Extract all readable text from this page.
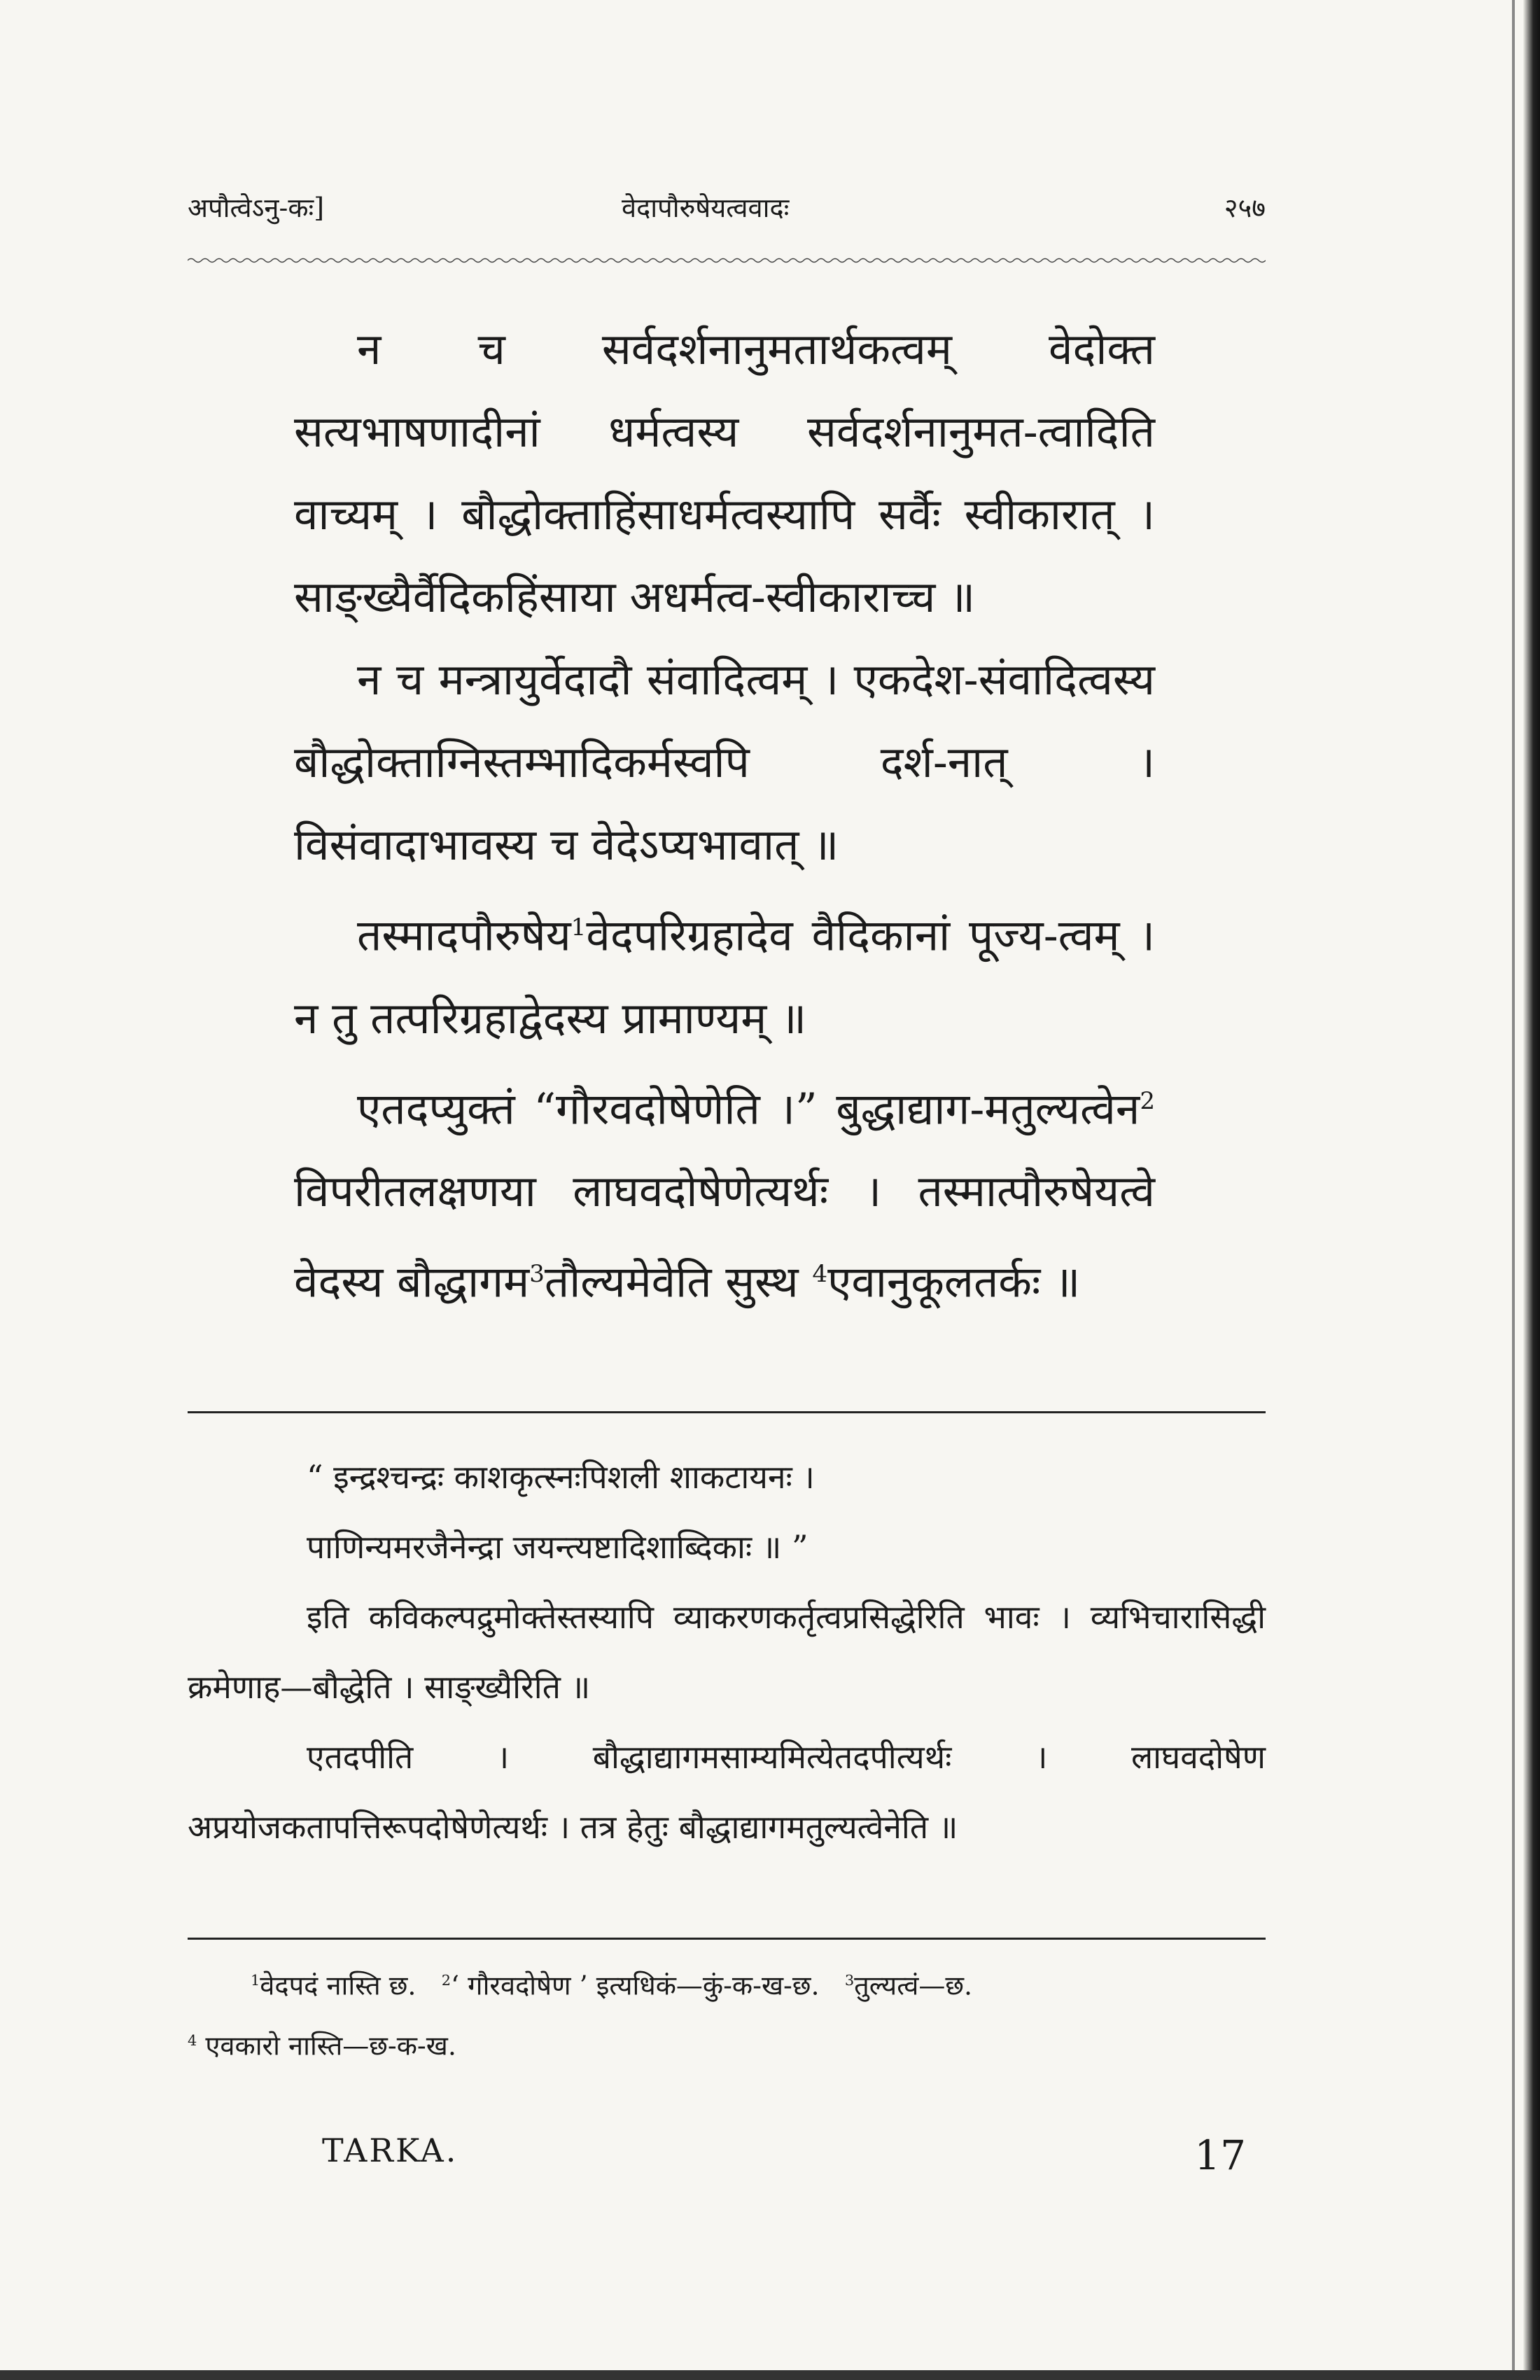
अपौत्वेऽनु-कः]	वेदापौरुषेयत्ववादः	२५७

न च सर्वदर्शनानुमतार्थकत्वम् वेदोक्त सत्यभाषणादीनां धर्मत्वस्य सर्वदर्शनानुमत-त्वादिति वाच्यम् । बौद्धोक्ताहिंसाधर्मत्वस्यापि सर्वैः स्वीकारात् । साङ्ख्यैर्वैदिकहिंसाया अधर्मत्व-स्वीकाराच्च ॥

न च मन्त्रायुर्वेदादौ संवादित्वम् । एकदेश-संवादित्वस्य बौद्धोक्ताग्निस्तम्भादिकर्मस्वपि दर्श-नात् । विसंवादाभावस्य च वेदेऽप्यभावात् ॥

तस्मादपौरुषेय$^1$वेदपरिग्रहादेव वैदिकानां पूज्य-त्वम् । न तु तत्परिग्रहाद्वेदस्य प्रामाण्यम् ॥

एतदप्युक्तं “गौरवदोषेणेति ।” बुद्धाद्याग-मतुल्यत्वेन$^2$ विपरीतलक्षणया लाघवदोषेणेत्यर्थः । तस्मात्पौरुषेयत्वे वेदस्य बौद्धागम$^3$तौल्यमेवेति सुस्थ $^4$एवानुकूलतर्कः ॥

“ इन्द्रश्चन्द्रः काशकृत्स्नःपिशली शाकटायनः ।

पाणिन्यमरजैनेन्द्रा जयन्त्यष्टादिशाब्दिकाः ॥ ”

इति कविकल्पद्रुमोक्तेस्तस्यापि व्याकरणकर्तृत्वप्रसिद्धेरिति भावः । व्यभिचारासिद्धी क्रमेणाह—बौद्धेति । साङ्ख्यैरिति ॥

एतदपीति । बौद्धाद्यागमसाम्यमित्येतदपीत्यर्थः । लाघवदोषेण अप्रयोजकतापत्तिरूपदोषेणेत्यर्थः । तत्र हेतुः बौद्धाद्यागमतुल्यत्वेनेति ॥

$^1$वेदपदं नास्ति छ. $^2$‘ गौरवदोषेण ’ इत्यधिकं—कुं-क-ख-छ. $^3$तुल्यत्वं—छ.

$^4$ एवकारो नास्ति—छ-क-ख.

TARKA.	17
